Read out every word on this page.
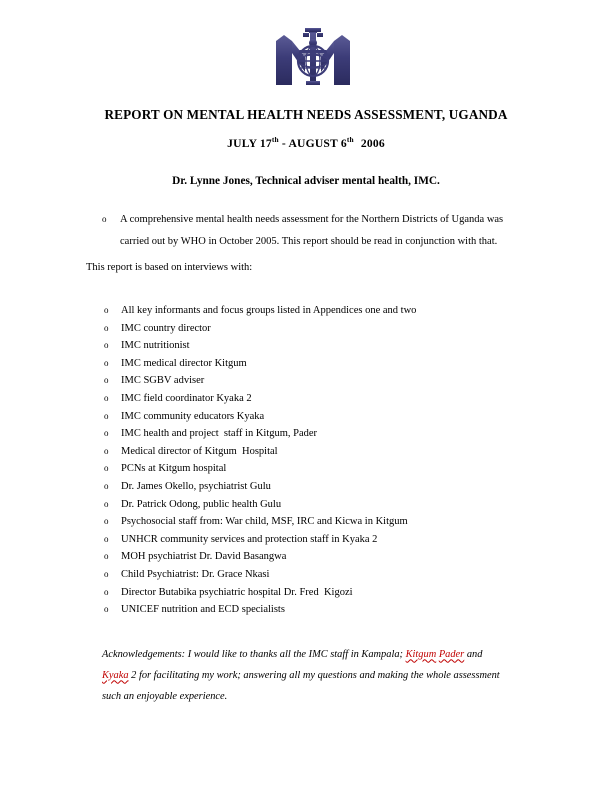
REPORT ON MENTAL HEALTH NEEDS ASSESSMENT, UGANDA
JULY 17th - AUGUST 6th 2006
Dr. Lynne Jones, Technical adviser mental health, IMC.
o A comprehensive mental health needs assessment for the Northern Districts of Uganda was carried out by WHO in October 2005. This report should be read in conjunction with that.
This report is based on interviews with:
o All key informants and focus groups listed in Appendices one and two
o IMC country director
o IMC nutritionist
o IMC medical director Kitgum
o IMC SGBV adviser
o IMC field coordinator Kyaka 2
o IMC community educators Kyaka
o IMC health and project  staff in Kitgum, Pader
o Medical director of Kitgum  Hospital
o PCNs at Kitgum hospital
o Dr. James Okello, psychiatrist Gulu
o Dr. Patrick Odong, public health Gulu
o Psychosocial staff from: War child, MSF, IRC and Kicwa in Kitgum
o UNHCR community services and protection staff in Kyaka 2
o MOH psychiatrist Dr. David Basangwa
o Child Psychiatrist: Dr. Grace Nkasi
o Director Butabika psychiatric hospital Dr. Fred  Kigozi
o UNICEF nutrition and ECD specialists

Acknowledgements: I would like to thanks all the IMC staff in Kampala; Kitgum Pader and Kyaka 2 for facilitating my work; answering all my questions and making the whole assessment such an enjoyable experience.
